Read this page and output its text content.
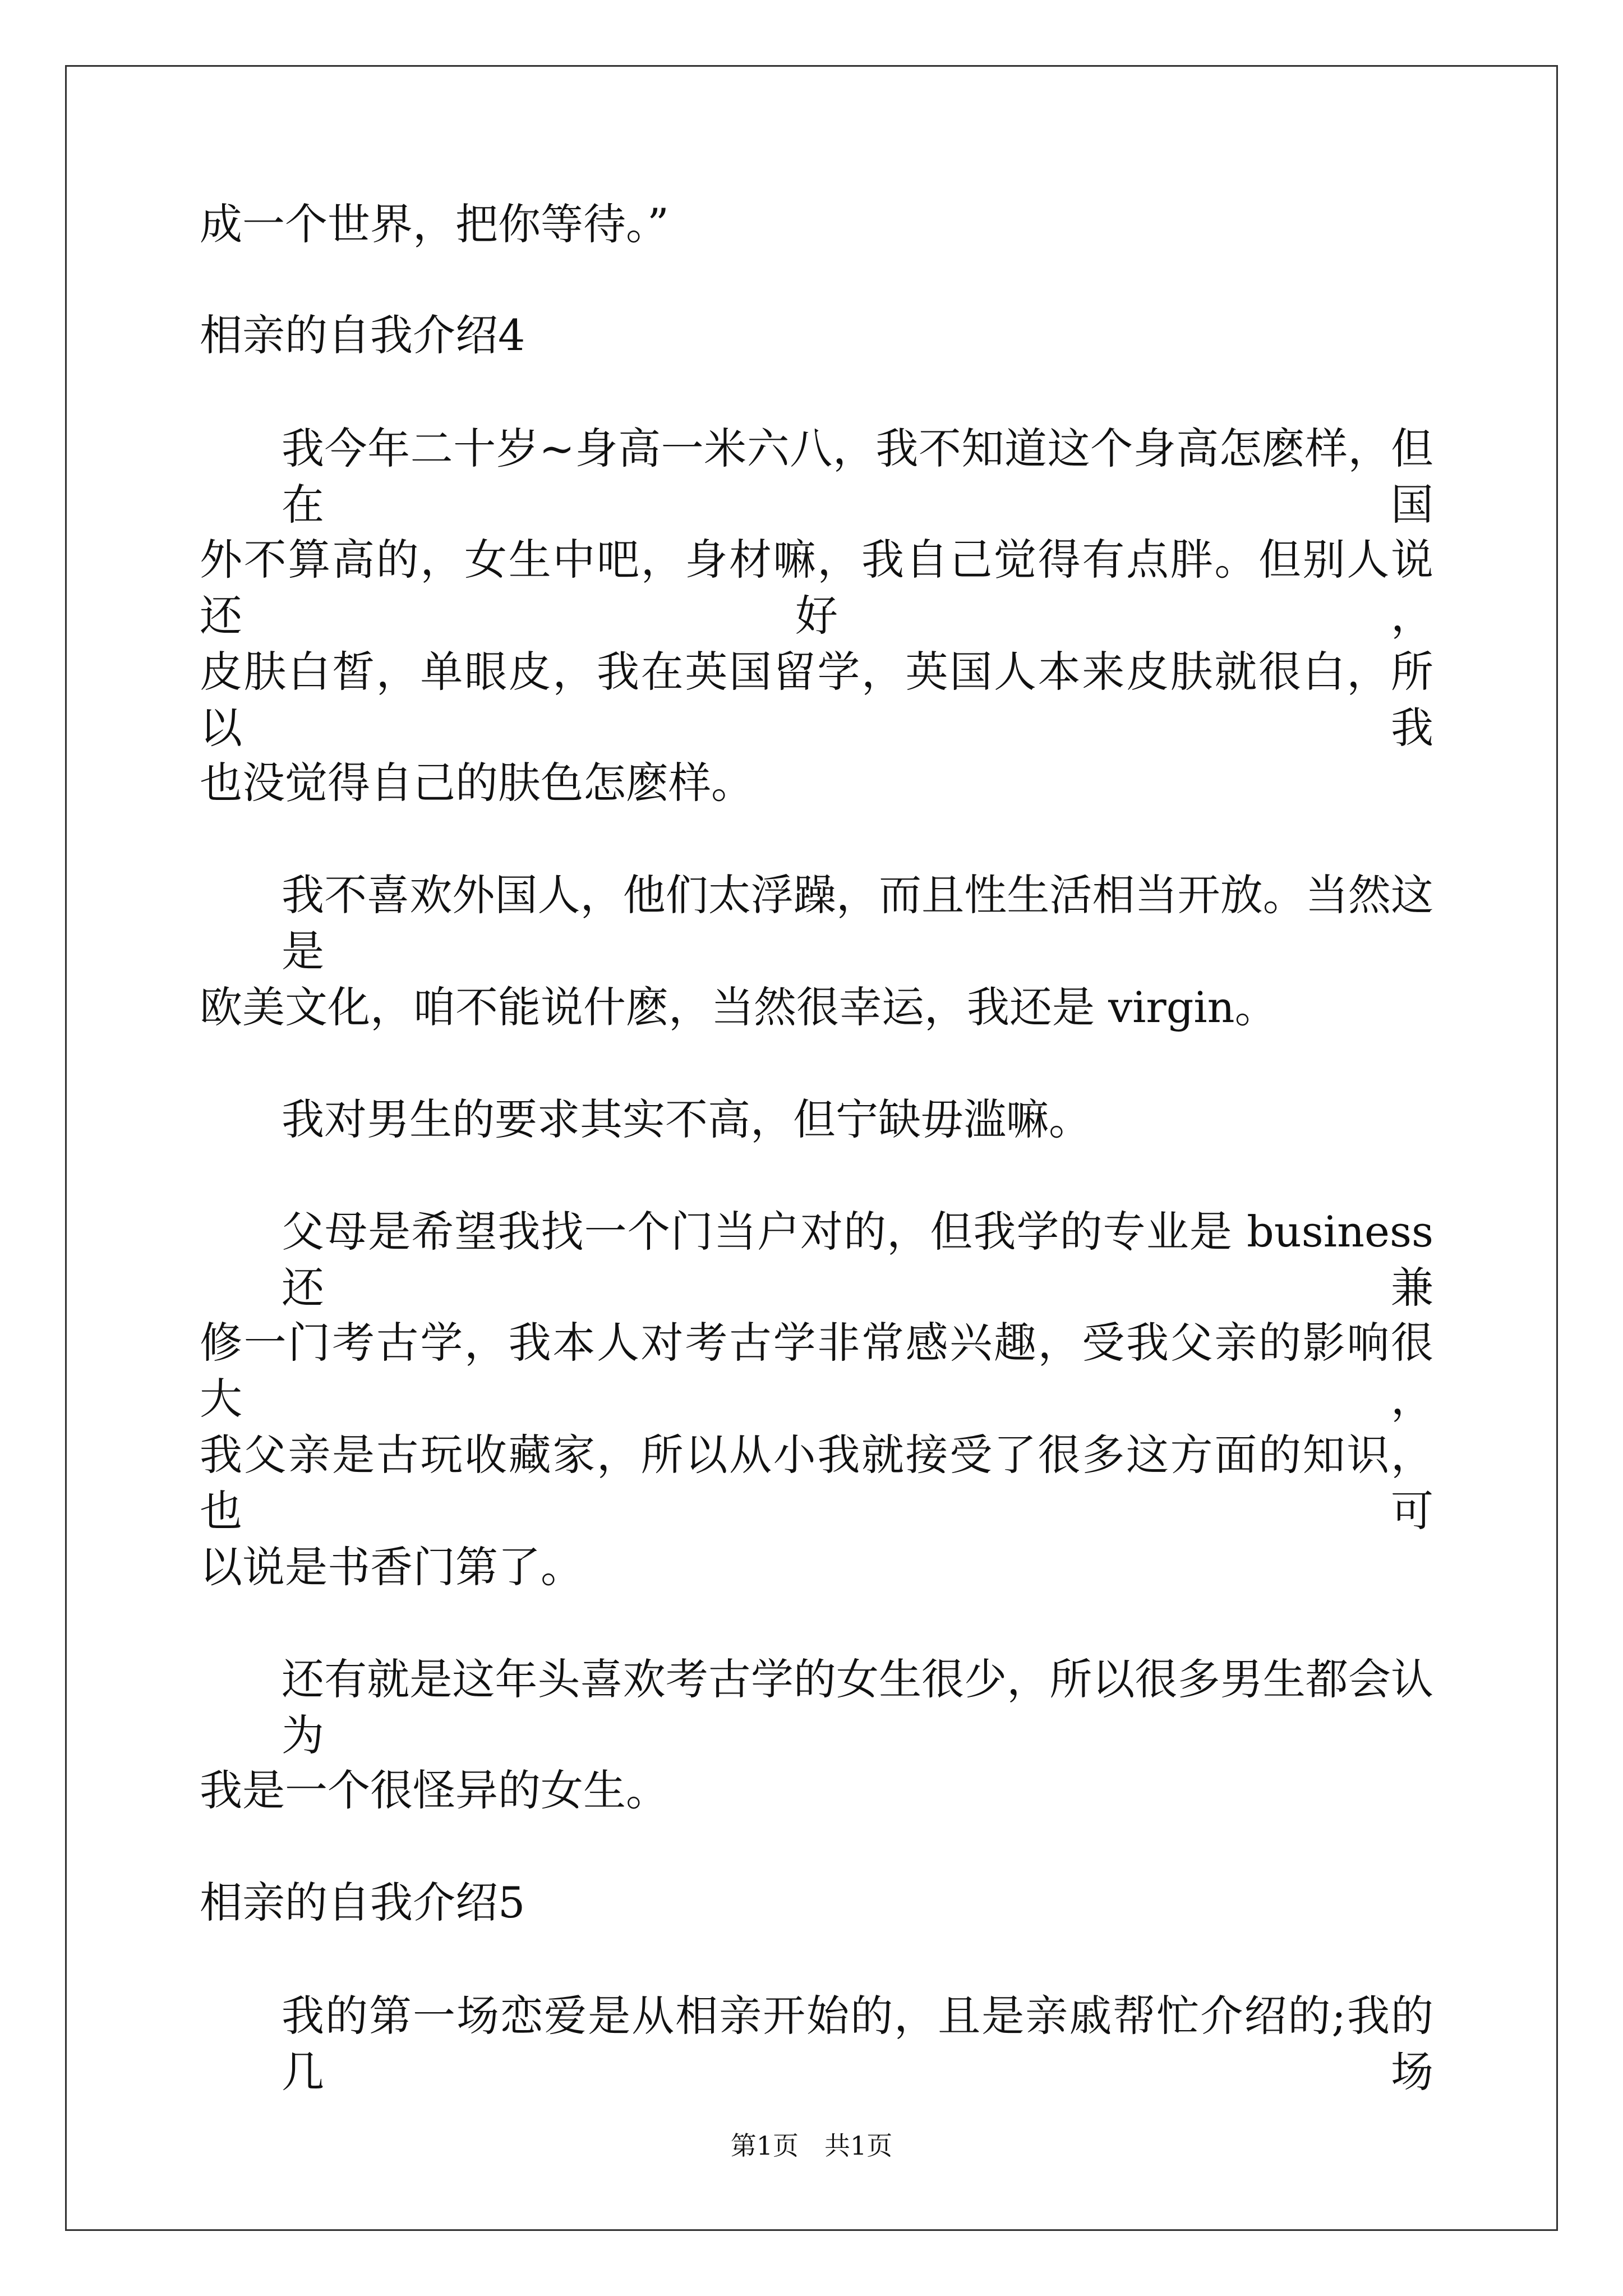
成一个世界，把你等待。”
相亲的自我介绍4
我今年二十岁~身高一米六八，我不知道这个身高怎麽样，但在国
外不算高的，女生中吧，身材嘛，我自己觉得有点胖。但别人说还好，
皮肤白皙，单眼皮，我在英国留学，英国人本来皮肤就很白，所以我
也没觉得自己的肤色怎麽样。
我不喜欢外国人，他们太浮躁，而且性生活相当开放。当然这是
欧美文化，咱不能说什麽，当然很幸运，我还是 virgin。
我对男生的要求其实不高，但宁缺毋滥嘛。
父母是希望我找一个门当户对的，但我学的专业是 business 还兼
修一门考古学，我本人对考古学非常感兴趣，受我父亲的影响很大，
我父亲是古玩收藏家，所以从小我就接受了很多这方面的知识，也可
以说是书香门第了。
还有就是这年头喜欢考古学的女生很少，所以很多男生都会认为
我是一个很怪异的女生。
相亲的自我介绍5
我的第一场恋爱是从相亲开始的，且是亲戚帮忙介绍的;我的几场
第1页　共1页
